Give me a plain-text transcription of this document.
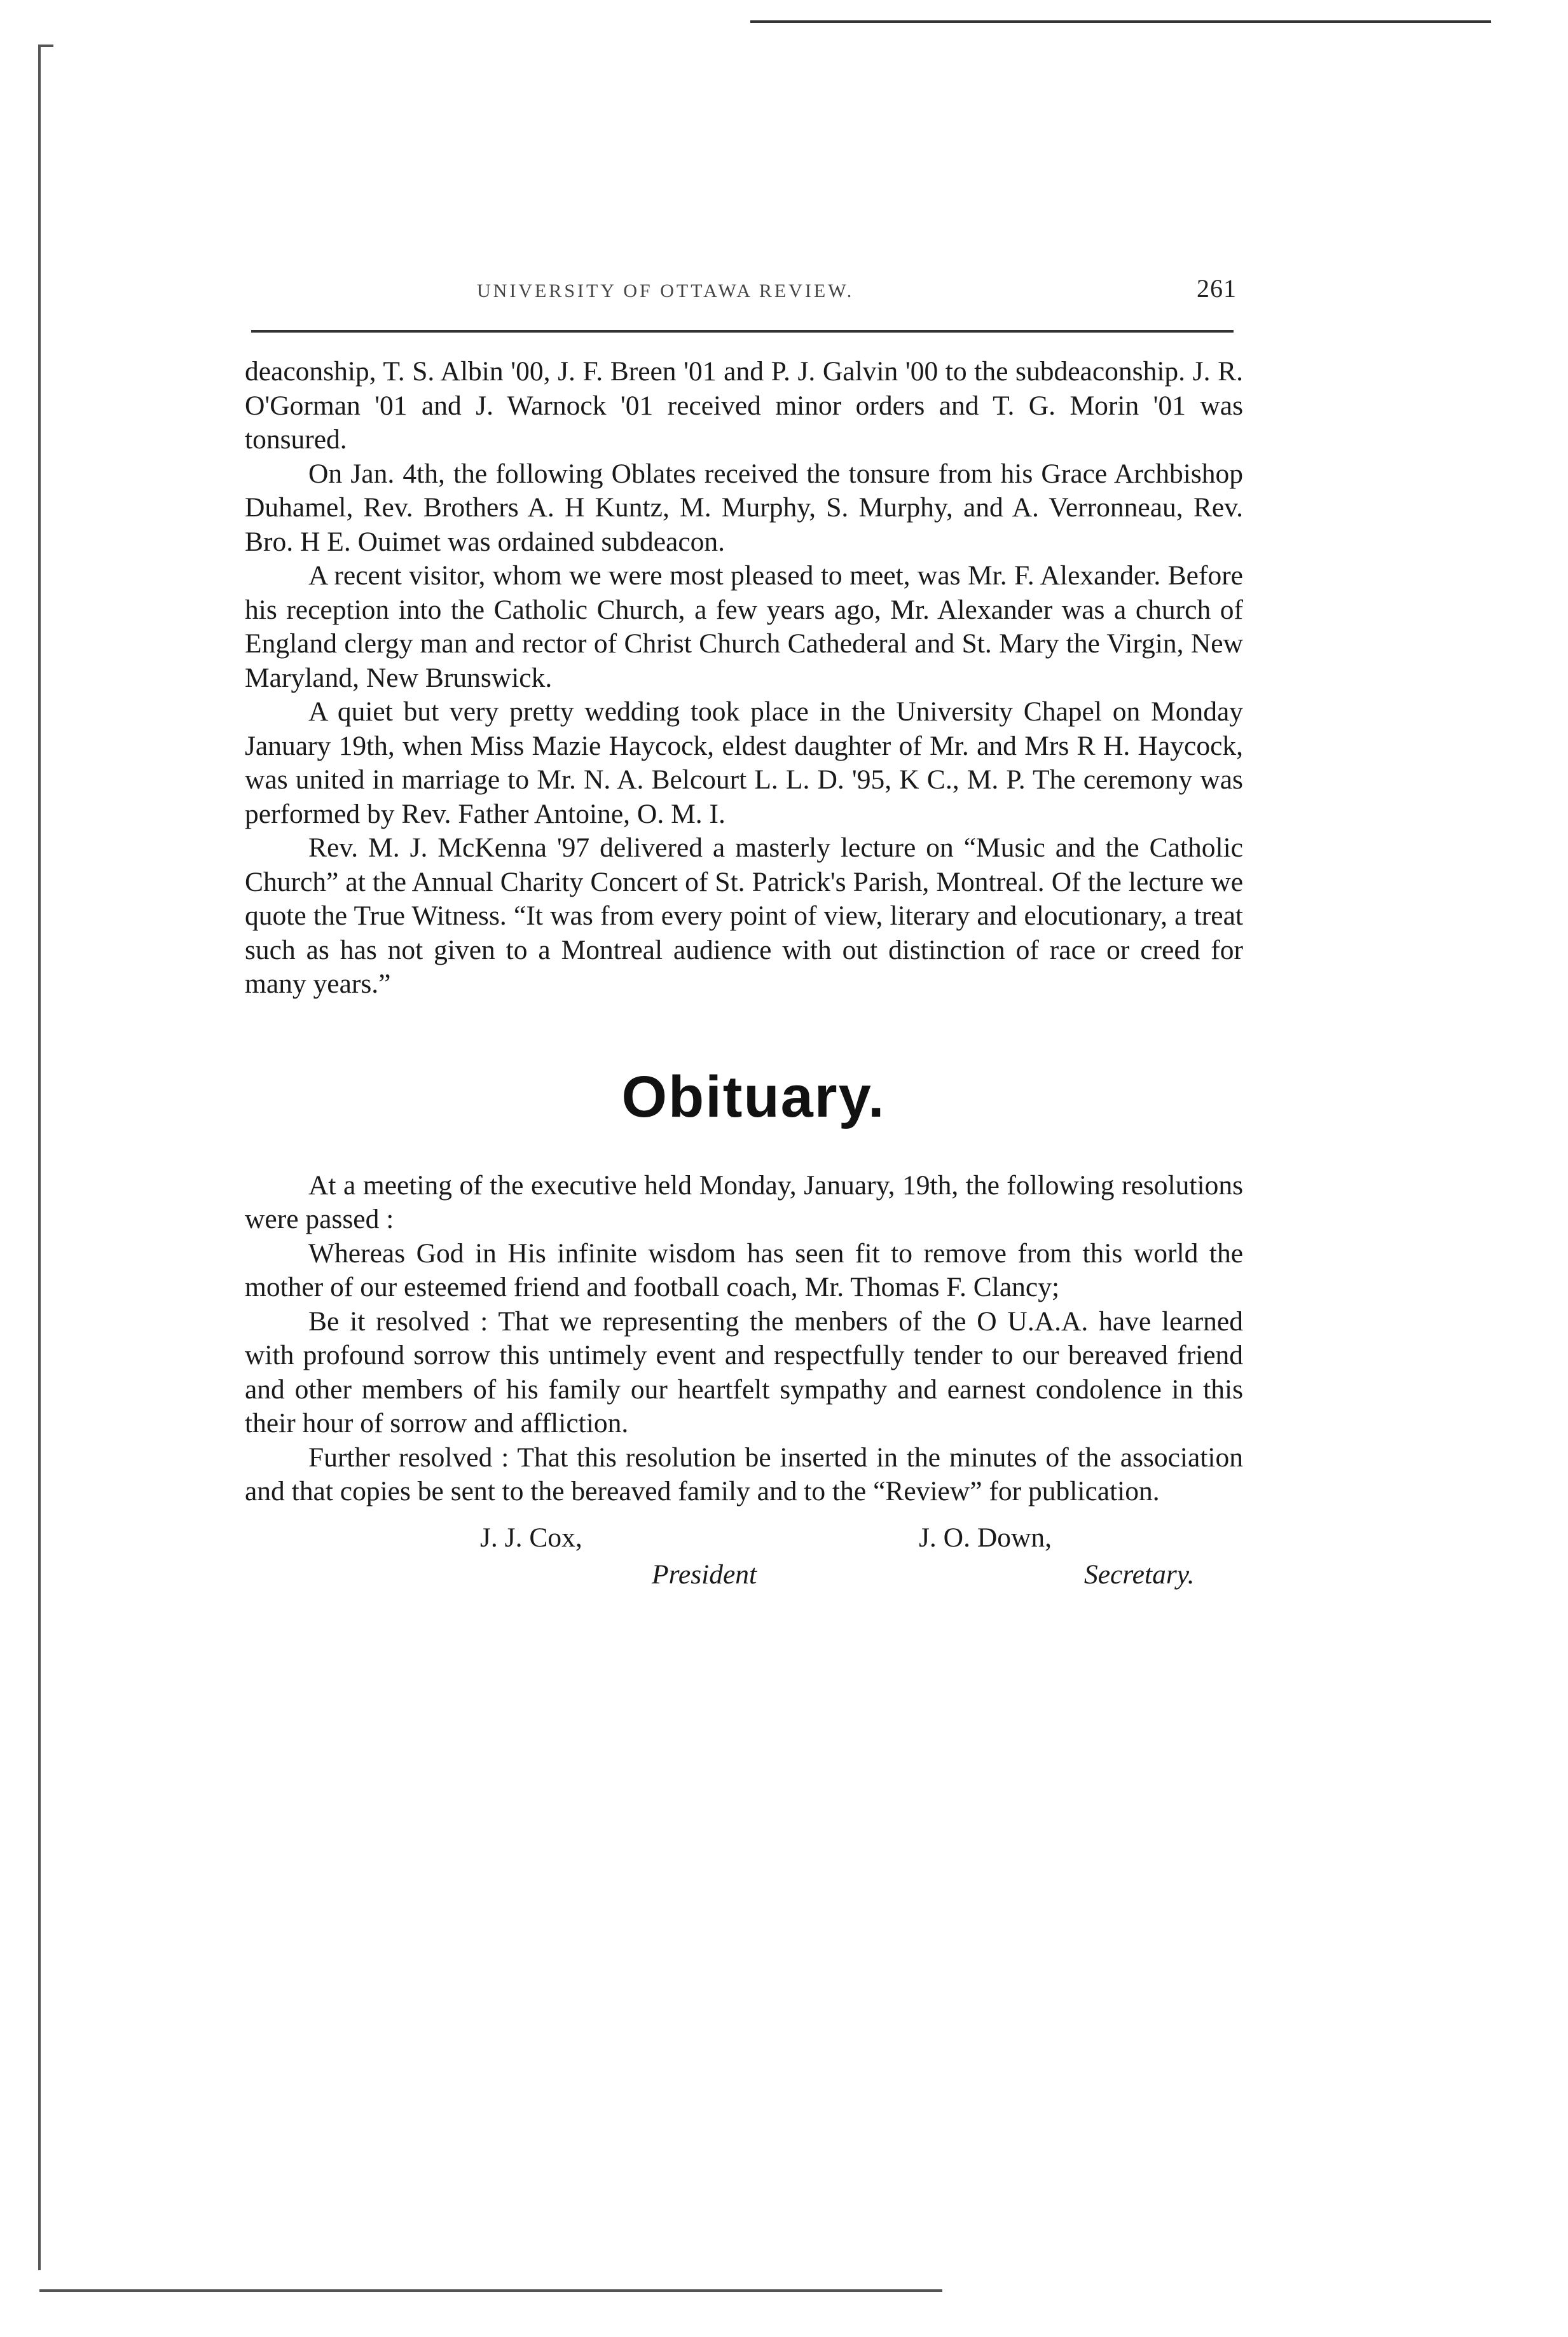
UNIVERSITY OF OTTAWA REVIEW.	261

deaconship, T. S. Albin '00, J. F. Breen '01 and P. J. Galvin '00 to the subdeaconship. J. R. O'Gorman '01 and J. Warnock '01 received minor orders and T. G. Morin '01 was tonsured.

On Jan. 4th, the following Oblates received the tonsure from his Grace Archbishop Duhamel, Rev. Brothers A. H Kuntz, M. Murphy, S. Murphy, and A. Verronneau, Rev. Bro. H E. Ouimet was ordained subdeacon.

A recent visitor, whom we were most pleased to meet, was Mr. F. Alexander. Before his reception into the Catholic Church, a few years ago, Mr. Alexander was a church of England clergy man and rector of Christ Church Cathederal and St. Mary the Virgin, New Maryland, New Brunswick.

A quiet but very pretty wedding took place in the University Chapel on Monday January 19th, when Miss Mazie Haycock, eldest daughter of Mr. and Mrs R H. Haycock, was united in marriage to Mr. N. A. Belcourt L. L. D. '95, K C., M. P. The ceremony was performed by Rev. Father Antoine, O. M. I.

Rev. M. J. McKenna '97 delivered a masterly lecture on “Music and the Catholic Church” at the Annual Charity Concert of St. Patrick's Parish, Montreal. Of the lecture we quote the True Witness. “It was from every point of view, literary and elocutionary, a treat such as has not given to a Montreal audience with out distinction of race or creed for many years.”

Obituary.

At a meeting of the executive held Monday, January, 19th, the following resolutions were passed :

Whereas God in His infinite wisdom has seen fit to remove from this world the mother of our esteemed friend and football coach, Mr. Thomas F. Clancy;

Be it resolved : That we representing the menbers of the O U.A.A. have learned with profound sorrow this untimely event and respectfully tender to our bereaved friend and other members of his family our heartfelt sympathy and earnest condolence in this their hour of sorrow and affliction.

Further resolved : That this resolution be inserted in the minutes of the association and that copies be sent to the bereaved family and to the “Review” for publication.

J. J. Cox,
President
J. O. Down,
Secretary.
